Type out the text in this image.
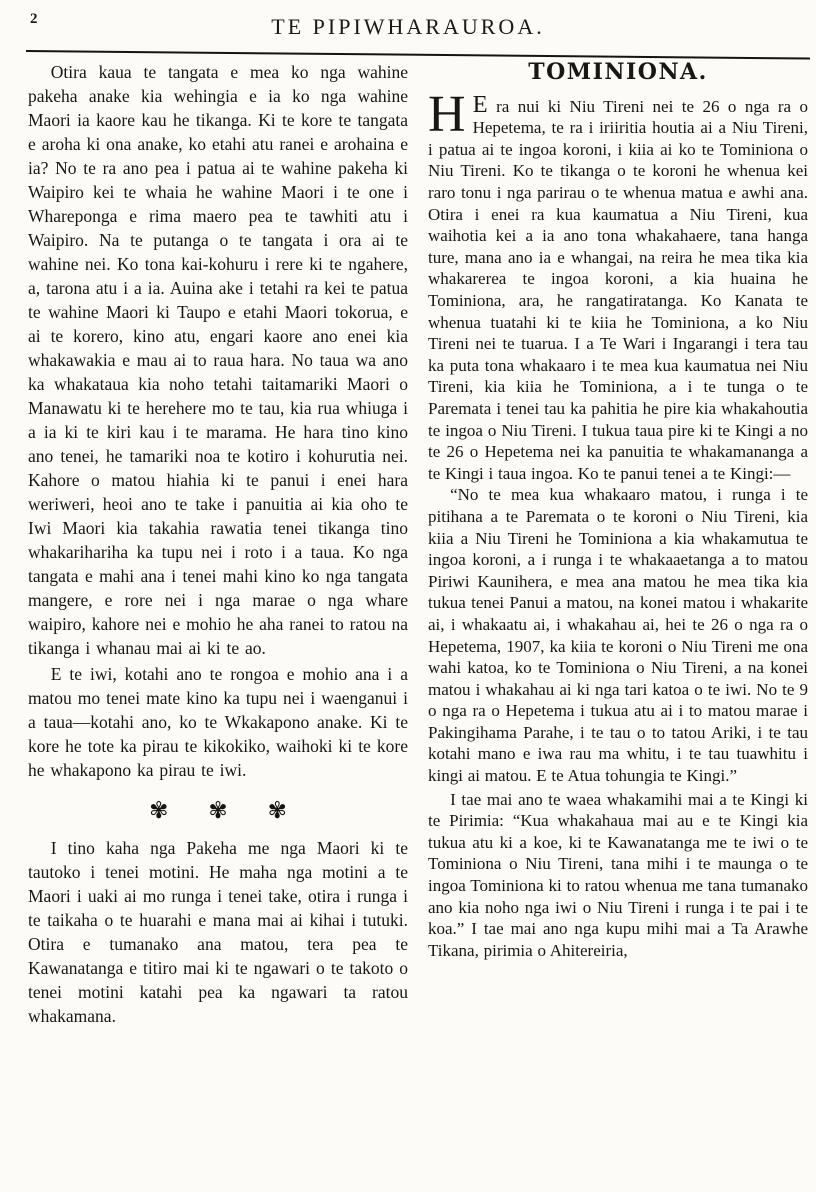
2	TE PIPIWHARAUROA.

Otira kaua te tangata e mea ko nga wahine pakeha anake kia wehingia e ia ko nga wahine Maori ia kaore kau he tikanga. Ki te kore te tangata e aroha ki ona anake, ko etahi atu ranei e arohaina e ia? No te ra ano pea i patua ai te wahine pakeha ki Waipiro kei te whaia he wahine Maori i te one i Whareponga e rima maero pea te tawhiti atu i Waipiro. Na te putanga o te tangata i ora ai te wahine nei. Ko tona kai-kohuru i rere ki te ngahere, a, tarona atu i a ia. Auina ake i tetahi ra kei te patua te wahine Maori ki Taupo e etahi Maori tokorua, e ai te korero, kino atu, engari kaore ano enei kia whakawakia e mau ai to raua hara. No taua wa ano ka whakataua kia noho tetahi taitamariki Maori o Manawatu ki te herehere mo te tau, kia rua whiuga i a ia ki te kiri kau i te marama. He hara tino kino ano tenei, he tamariki noa te kotiro i kohurutia nei. Kahore o matou hiahia ki te panui i enei hara weriweri, heoi ano te take i panuitia ai kia oho te Iwi Maori kia takahia rawatia tenei tikanga tino whakarihariha ka tupu nei i roto i a taua. Ko nga tangata e mahi ana i tenei mahi kino ko nga tangata mangere, e rore nei i nga marae o nga whare waipiro, kahore nei e mohio he aha ranei to ratou na tikanga i whanau mai ai ki te ao.

E te iwi, kotahi ano te rongoa e mohio ana i a matou mo tenei mate kino ka tupu nei i waenganui i a taua—kotahi ano, ko te Wkakapono anake. Ki te kore he tote ka pirau te kikokiko, waihoki ki te kore he whakapono ka pirau te iwi.

✾ ✾ ✾

I tino kaha nga Pakeha me nga Maori ki te tautoko i tenei motini. He maha nga motini a te Maori i uaki ai mo runga i tenei take, otira i runga i te taikaha o te huarahi e mana mai ai kihai i tutuki. Otira e tumanako ana matou, tera pea te Kawanatanga e titiro mai ki te ngawari o te takoto o tenei motini katahi pea ka ngawari ta ratou whakamana.

TOMINIONA.

H E ra nui ki Niu Tireni nei te 26 o nga ra o Hepetema, te ra i iriiritia houtia ai a Niu Tireni, i patua ai te ingoa koroni, i kiia ai ko te Tominiona o Niu Tireni. Ko te tikanga o te koroni he whenua kei raro tonu i nga parirau o te whenua matua e awhi ana. Otira i enei ra kua kaumatua a Niu Tireni, kua waihotia kei a ia ano tona whakahaere, tana hanga ture, mana ano ia e whangai, na reira he mea tika kia whakarerea te ingoa koroni, a kia huaina he Tominiona, ara, he rangatiratanga. Ko Kanata te whenua tuatahi ki te kiia he Tominiona, a ko Niu Tireni nei te tuarua. I a Te Wari i Ingarangi i tera tau ka puta tona whakaaro i te mea kua kaumatua nei Niu Tireni, kia kiia he Tominiona, a i te tunga o te Paremata i tenei tau ka pahitia he pire kia whakahoutia te ingoa o Niu Tireni. I tukua taua pire ki te Kingi a no te 26 o Hepetema nei ka panuitia te whakamananga a te Kingi i taua ingoa. Ko te panui tenei a te Kingi:—

“No te mea kua whakaaro matou, i runga i te pitihana a te Paremata o te koroni o Niu Tireni, kia kiia a Niu Tireni he Tominiona a kia whakamutua te ingoa koroni, a i runga i te whakaaetanga a to matou Piriwi Kaunihera, e mea ana matou he mea tika kia tukua tenei Panui a matou, na konei matou i whakarite ai, i whakaatu ai, i whakahau ai, hei te 26 o nga ra o Hepetema, 1907, ka kiia te koroni o Niu Tireni me ona wahi katoa, ko te Tominiona o Niu Tireni, a na konei matou i whakahau ai ki nga tari katoa o te iwi. No te 9 o nga ra o Hepetema i tukua atu ai i to matou marae i Pakingihama Parahe, i te tau o to tatou Ariki, i te tau kotahi mano e iwa rau ma whitu, i te tau tuawhitu i kingi ai matou. E te Atua tohungia te Kingi.”

I tae mai ano te waea whakamihi mai a te Kingi ki te Pirimia: “Kua whakahaua mai au e te Kingi kia tukua atu ki a koe, ki te Kawanatanga me te iwi o te Tominiona o Niu Tireni, tana mihi i te maunga o te ingoa Tominiona ki to ratou whenua me tana tumanako ano kia noho nga iwi o Niu Tireni i runga i te pai i te koa.” I tae mai ano nga kupu mihi mai a Ta Arawhe Tikana, pirimia o Ahitereiria,
